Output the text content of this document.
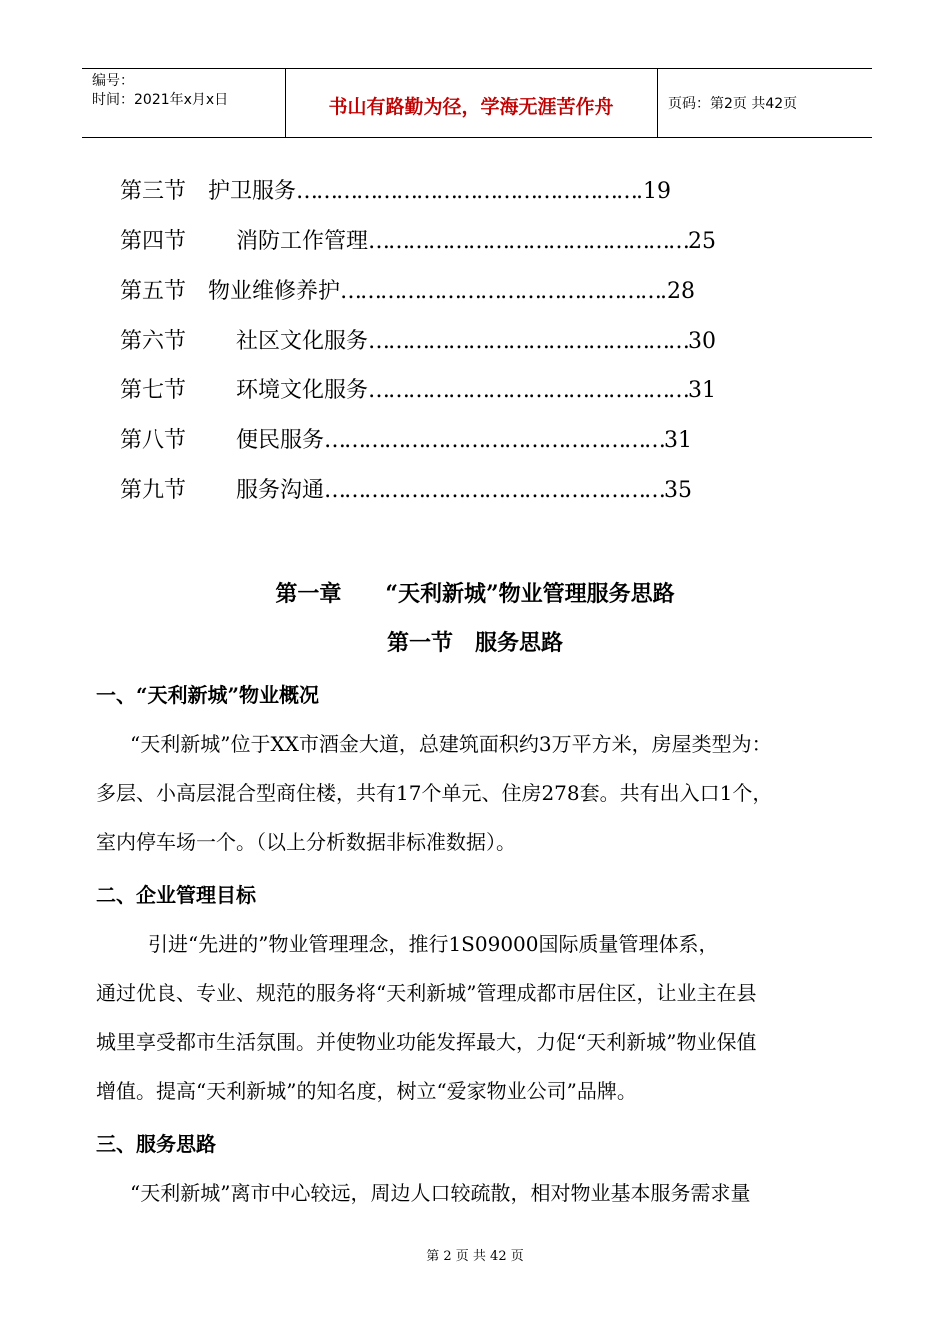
编号：
时间：2021年x月x日	书山有路勤为径，学海无涯苦作舟	页码：第2页 共42页
第三节 护卫服务…………………………………………….19
第四节 消防工作管理…………………………………………25
第五节 物业维修养护………………………………………….28
第六节 社区文化服务…………………………………………30
第七节 环境文化服务…………………………………………31
第八节 便民服务……………………………………………31
第九节 服务沟通……………………………………………35
第一章　　“天利新城”物业管理服务思路
第一节　服务思路
一、“天利新城”物业概况
“天利新城”位于XX市酒金大道，总建筑面积约3万平方米，房屋类型为：
多层、小高层混合型商住楼，共有17个单元、住房278套。共有出入口1个，
室内停车场一个。（以上分析数据非标准数据）。
二、企业管理目标
引进“先进的”物业管理理念，推行1S09000国际质量管理体系，
通过优良、专业、规范的服务将“天利新城”管理成都市居住区，让业主在县
城里享受都市生活氛围。并使物业功能发挥最大，力促“天利新城”物业保值
增值。提高“天利新城”的知名度，树立“爱家物业公司”品牌。
三、服务思路
“天利新城”离市中心较远，周边人口较疏散，相对物业基本服务需求量
第 2 页 共 42 页
